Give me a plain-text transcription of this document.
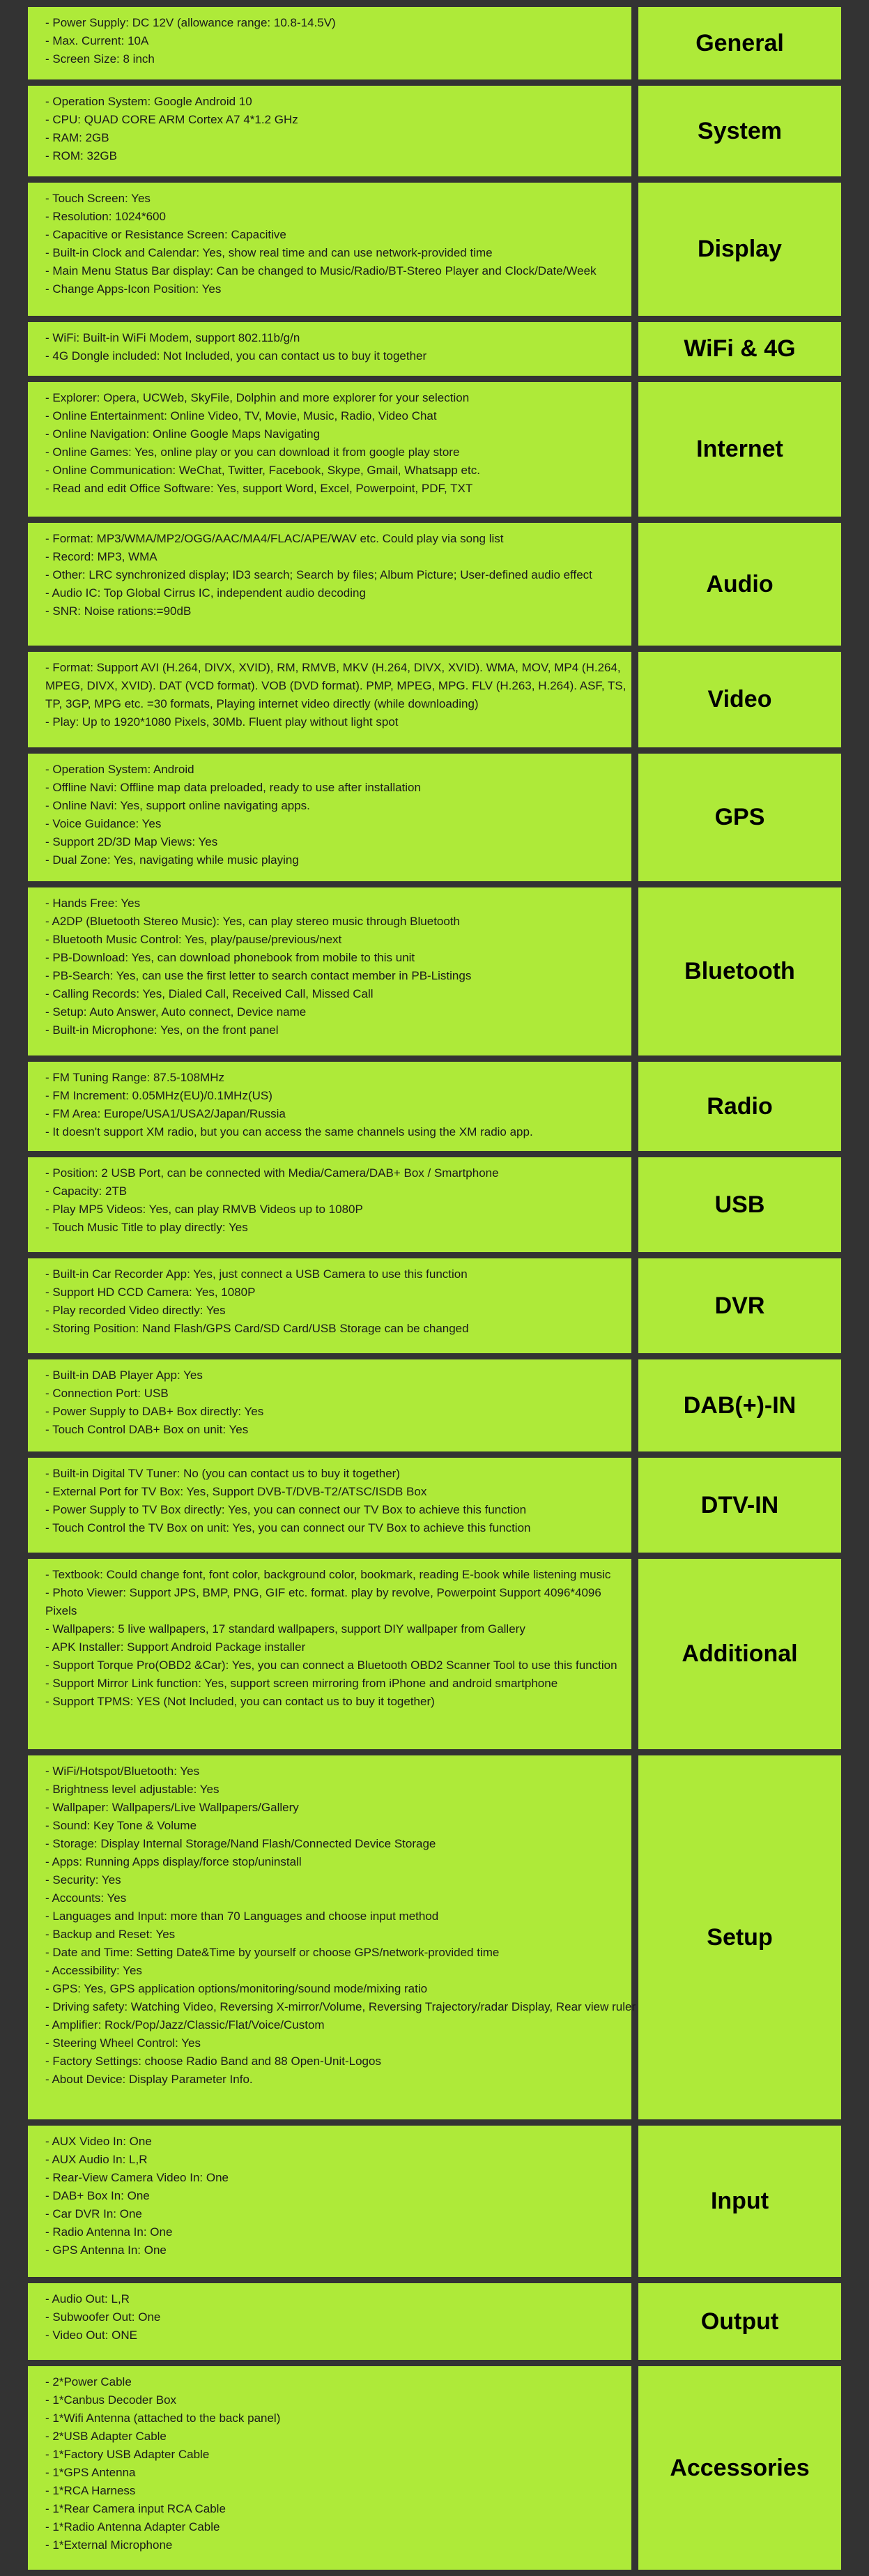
- Power Supply: DC 12V (allowance range: 10.8-14.5V)
- Max. Current: 10A
- Screen Size: 8 inch
General
- Operation System: Google Android 10
- CPU: QUAD CORE ARM Cortex A7 4*1.2 GHz
- RAM: 2GB
- ROM: 32GB
System
- Touch Screen: Yes
- Resolution: 1024*600
- Capacitive or Resistance Screen: Capacitive
- Built-in Clock and Calendar: Yes, show real time and can use network-provided time
- Main Menu Status Bar display: Can be changed to Music/Radio/BT-Stereo Player and Clock/Date/Week
- Change Apps-Icon Position: Yes
Display
- WiFi: Built-in WiFi Modem, support 802.11b/g/n
- 4G Dongle included: Not Included, you can contact us to buy it together	WiFi & 4G
- Explorer: Opera, UCWeb, SkyFile, Dolphin and more explorer for your selection
- Online Entertainment: Online Video, TV, Movie, Music, Radio, Video Chat
- Online Navigation: Online Google Maps Navigating
- Online Games: Yes, online play or you can download it from google play store
- Online Communication: WeChat, Twitter, Facebook, Skype, Gmail, Whatsapp etc.
- Read and edit Office Software: Yes, support Word, Excel, Powerpoint, PDF, TXT
Internet
- Format: MP3/WMA/MP2/OGG/AAC/MA4/FLAC/APE/WAV etc. Could play via song list
- Record: MP3, WMA
- Other: LRC synchronized display; ID3 search; Search by files; Album Picture; User-defined audio effect
- Audio IC: Top Global Cirrus IC, independent audio decoding
- SNR: Noise rations:=90dB
Audio
- Format: Support AVI (H.264, DIVX, XVID), RM, RMVB, MKV (H.264, DIVX, XVID). WMA, MOV, MP4 (H.264, MPEG, DIVX, XVID). DAT (VCD format). VOB (DVD format). PMP, MPEG, MPG. FLV (H.263, H.264). ASF, TS, TP, 3GP, MPG etc. =30 formats, Playing internet video directly (while downloading)
- Play: Up to 1920*1080 Pixels, 30Mb. Fluent play without light spot
Video
- Operation System: Android
- Offline Navi: Offline map data preloaded, ready to use after installation
- Online Navi: Yes, support online navigating apps.
- Voice Guidance: Yes
- Support 2D/3D Map Views: Yes
- Dual Zone: Yes, navigating while music playing
GPS
- Hands Free: Yes
- A2DP (Bluetooth Stereo Music): Yes, can play stereo music through Bluetooth
- Bluetooth Music Control: Yes, play/pause/previous/next
- PB-Download: Yes, can download phonebook from mobile to this unit
- PB-Search: Yes, can use the first letter to search contact member in PB-Listings
- Calling Records: Yes, Dialed Call, Received Call, Missed Call
- Setup: Auto Answer, Auto connect, Device name
- Built-in Microphone: Yes, on the front panel
Bluetooth
- FM Tuning Range: 87.5-108MHz
- FM Increment: 0.05MHz(EU)/0.1MHz(US)
- FM Area: Europe/USA1/USA2/Japan/Russia
- It doesn't support XM radio, but you can access the same channels using the XM radio app.
Radio
- Position: 2 USB Port, can be connected with Media/Camera/DAB+ Box / Smartphone
- Capacity: 2TB
- Play MP5 Videos: Yes, can play RMVB Videos up to 1080P
- Touch Music Title to play directly: Yes
USB
- Built-in Car Recorder App: Yes, just connect a USB Camera to use this function
- Support HD CCD Camera: Yes, 1080P
- Play recorded Video directly: Yes
- Storing Position: Nand Flash/GPS Card/SD Card/USB Storage can be changed
DVR
- Built-in DAB Player App: Yes
- Connection Port: USB
- Power Supply to DAB+ Box directly: Yes
- Touch Control DAB+ Box on unit: Yes
DAB(+)-IN
- Built-in Digital TV Tuner: No (you can contact us to buy it together)
- External Port for TV Box: Yes, Support DVB-T/DVB-T2/ATSC/ISDB Box
- Power Supply to TV Box directly: Yes, you can connect our TV Box to achieve this function
- Touch Control the TV Box on unit: Yes, you can connect our TV Box to achieve this function
DTV-IN
- Textbook: Could change font, font color, background color, bookmark, reading E-book while listening music
- Photo Viewer: Support JPS, BMP, PNG, GIF etc. format. play by revolve, Powerpoint Support 4096*4096 Pixels
- Wallpapers: 5 live wallpapers, 17 standard wallpapers, support DIY wallpaper from Gallery
- APK Installer: Support Android Package installer
- Support Torque Pro(OBD2 &Car): Yes, you can connect a Bluetooth OBD2 Scanner Tool to use this function
- Support Mirror Link function: Yes, support screen mirroring from iPhone and android smartphone
- Support TPMS: YES (Not Included, you can contact us to buy it together)
Additional
- WiFi/Hotspot/Bluetooth: Yes
- Brightness level adjustable: Yes
- Wallpaper: Wallpapers/Live Wallpapers/Gallery
- Sound: Key Tone & Volume
- Storage: Display Internal Storage/Nand Flash/Connected Device Storage
- Apps: Running Apps display/force stop/uninstall
- Security: Yes
- Accounts: Yes
- Languages and Input: more than 70 Languages and choose input method
- Backup and Reset: Yes
- Date and Time: Setting Date&Time by yourself or choose GPS/network-provided time
- Accessibility: Yes
- GPS: Yes, GPS application options/monitoring/sound mode/mixing ratio
- Driving safety: Watching Video, Reversing X-mirror/Volume, Reversing Trajectory/radar Display, Rear view ruler
- Amplifier: Rock/Pop/Jazz/Classic/Flat/Voice/Custom
- Steering Wheel Control: Yes
- Factory Settings: choose Radio Band and 88 Open-Unit-Logos
- About Device: Display Parameter Info.
Setup
- AUX Video In: One
- AUX Audio In: L,R
- Rear-View Camera Video In: One
- DAB+ Box In: One
- Car DVR In: One
- Radio Antenna In: One
- GPS Antenna In: One
Input
- Audio Out: L,R
- Subwoofer Out: One
- Video Out: ONE
Output
- 2*Power Cable
- 1*Canbus Decoder Box
- 1*Wifi Antenna (attached to the back panel)
- 2*USB Adapter Cable
- 1*Factory USB Adapter Cable
- 1*GPS Antenna
- 1*RCA Harness
- 1*Rear Camera input RCA Cable
- 1*Radio Antenna Adapter Cable
- 1*External Microphone
Accessories
